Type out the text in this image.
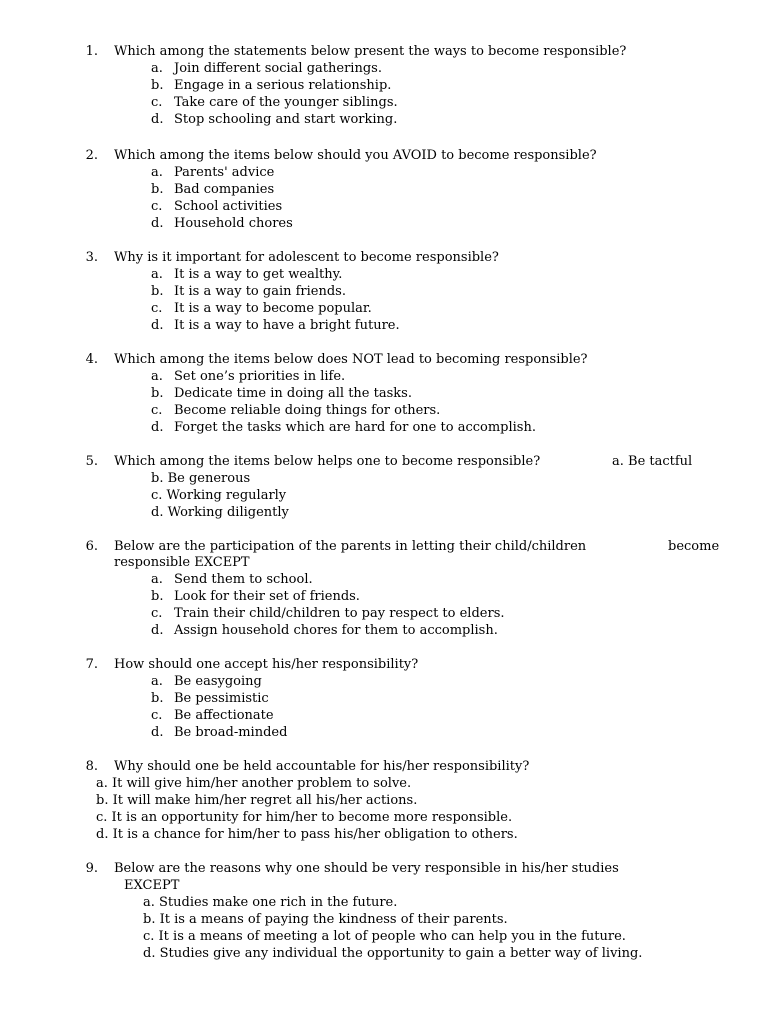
1. Which among the statements below present the ways to become responsible?
a. Join different social gatherings.
b. Engage in a serious relationship.
c. Take care of the younger siblings.
d. Stop schooling and start working.
2. Which among the items below should you AVOID to become responsible?
a. Parents' advice
b. Bad companies
c. School activities
d. Household chores
3. Why is it important for adolescent to become responsible?
a. It is a way to get wealthy.
b. It is a way to gain friends.
c. It is a way to become popular.
d. It is a way to have a bright future.
4. Which among the items below does NOT lead to becoming responsible?
a. Set one’s priorities in life.
b. Dedicate time in doing all the tasks.
c. Become reliable doing things for others.
d. Forget the tasks which are hard for one to accomplish.
5. Which among the items below helps one to become responsible?	a. Be tactful
b. Be generous
c. Working regularly
d. Working diligently
6. Below are the participation of the parents in letting their child/children	become
responsible EXCEPT
a. Send them to school.
b. Look for their set of friends.
c. Train their child/children to pay respect to elders.
d. Assign household chores for them to accomplish.
7. How should one accept his/her responsibility?
a. Be easygoing
b. Be pessimistic
c. Be affectionate
d. Be broad-minded
8. Why should one be held accountable for his/her responsibility?
a. It will give him/her another problem to solve.
b. It will make him/her regret all his/her actions.
c. It is an opportunity for him/her to become more responsible.
d. It is a chance for him/her to pass his/her obligation to others.
9. Below are the reasons why one should be very responsible in his/her studies
EXCEPT
a. Studies make one rich in the future.
b. It is a means of paying the kindness of their parents.
c. It is a means of meeting a lot of people who can help you in the future.
d. Studies give any individual the opportunity to gain a better way of living.
